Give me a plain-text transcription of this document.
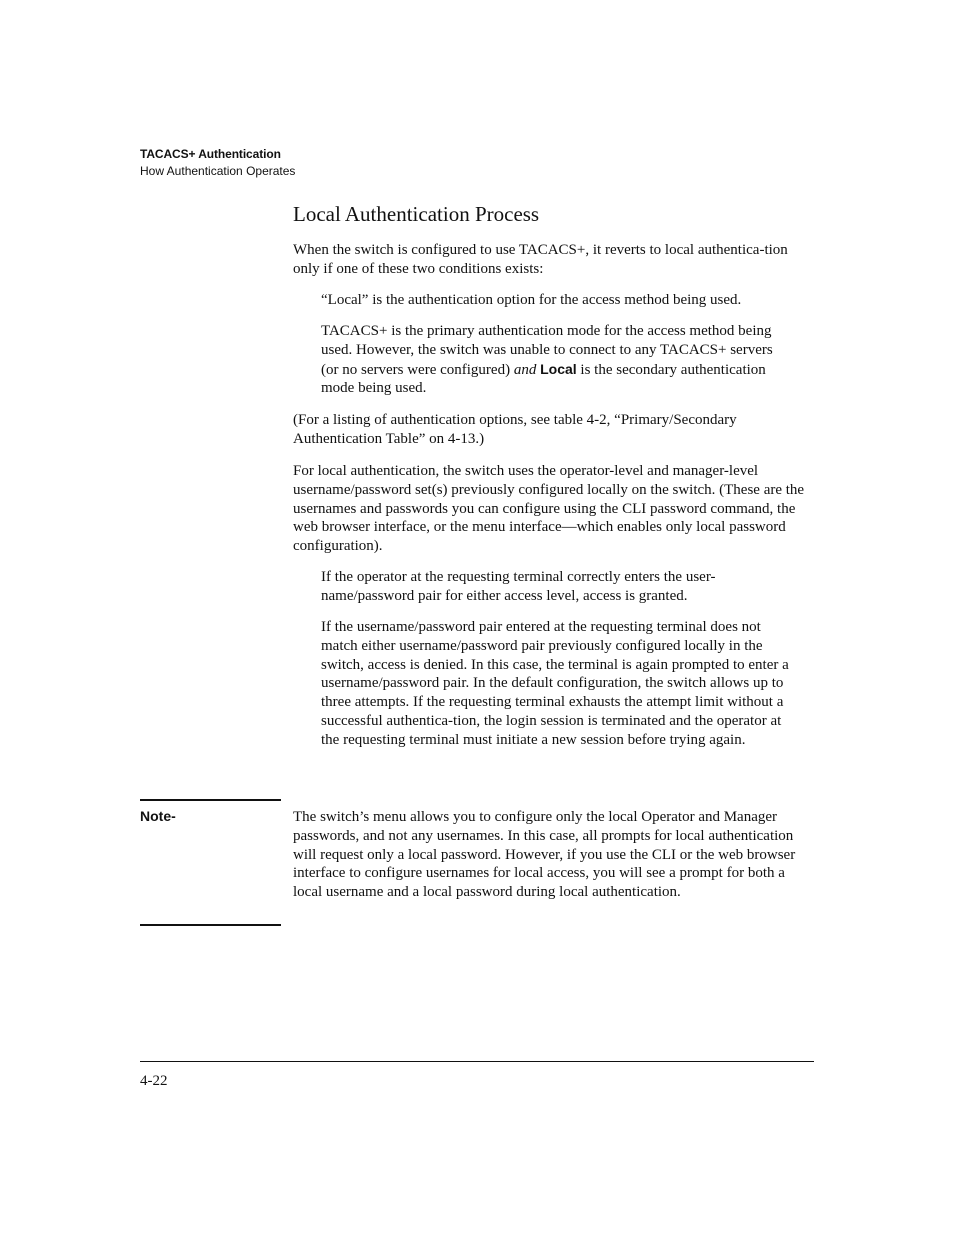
TACACS+ Authentication
How Authentication Operates
Local Authentication Process

When the switch is configured to use TACACS+, it reverts to local authentica-tion only if one of these two conditions exists:

“Local” is the authentication option for the access method being used.

TACACS+ is the primary authentication mode for the access method being used. However, the switch was unable to connect to any TACACS+ servers (or no servers were configured) and Local is the secondary authentication mode being used.

(For a listing of authentication options, see table 4-2, “Primary/Secondary Authentication Table” on 4-13.)

For local authentication, the switch uses the operator-level and manager-level username/password set(s) previously configured locally on the switch. (These are the usernames and passwords you can configure using the CLI password command, the web browser interface, or the menu interface—which enables only local password configuration).

If the operator at the requesting terminal correctly enters the user-name/password pair for either access level, access is granted.

If the username/password pair entered at the requesting terminal does not match either username/password pair previously configured locally in the switch, access is denied. In this case, the terminal is again prompted to enter a username/password pair. In the default configuration, the switch allows up to three attempts. If the requesting terminal exhausts the attempt limit without a successful authentica-tion, the login session is terminated and the operator at the requesting terminal must initiate a new session before trying again.

Note-	The switch’s menu allows you to configure only the local Operator and Manager passwords, and not any usernames. In this case, all prompts for local authentication will request only a local password. However, if you use the CLI or the web browser interface to configure usernames for local access, you will see a prompt for both a local username and a local password during local authentication.

4-22
